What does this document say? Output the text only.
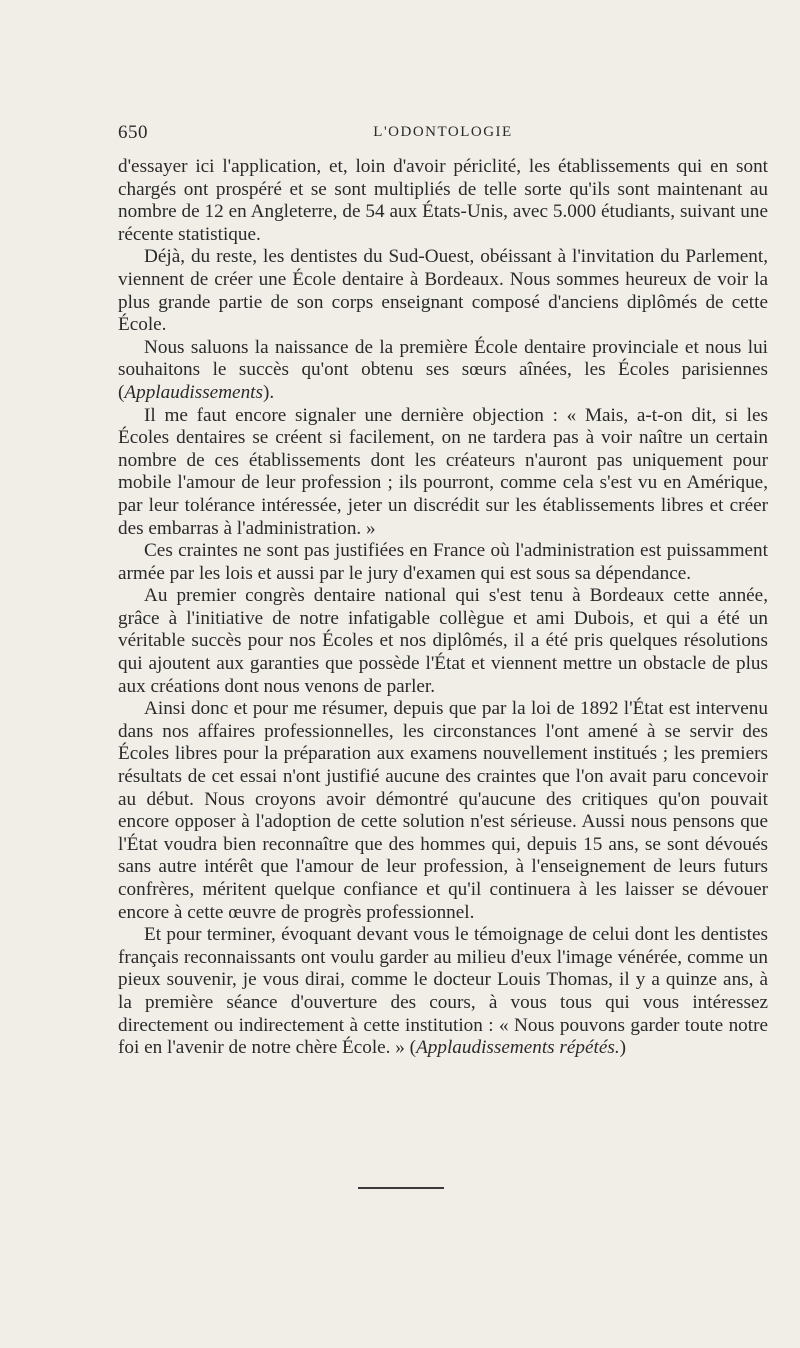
650	L'ODONTOLOGIE

d'essayer ici l'application, et, loin d'avoir périclité, les établissements qui en sont chargés ont prospéré et se sont multipliés de telle sorte qu'ils sont maintenant au nombre de 12 en Angleterre, de 54 aux États-Unis, avec 5.000 étudiants, suivant une récente statistique.

Déjà, du reste, les dentistes du Sud-Ouest, obéissant à l'invitation du Parlement, viennent de créer une École dentaire à Bordeaux. Nous sommes heureux de voir la plus grande partie de son corps enseignant composé d'anciens diplômés de cette École.

Nous saluons la naissance de la première École dentaire provinciale et nous lui souhaitons le succès qu'ont obtenu ses sœurs aînées, les Écoles parisiennes (Applaudissements).

Il me faut encore signaler une dernière objection : « Mais, a-t-on dit, si les Écoles dentaires se créent si facilement, on ne tardera pas à voir naître un certain nombre de ces établissements dont les créateurs n'auront pas uniquement pour mobile l'amour de leur profession ; ils pourront, comme cela s'est vu en Amérique, par leur tolérance intéressée, jeter un discrédit sur les établissements libres et créer des embarras à l'administration. »

Ces craintes ne sont pas justifiées en France où l'administration est puissamment armée par les lois et aussi par le jury d'examen qui est sous sa dépendance.

Au premier congrès dentaire national qui s'est tenu à Bordeaux cette année, grâce à l'initiative de notre infatigable collègue et ami Dubois, et qui a été un véritable succès pour nos Écoles et nos diplômés, il a été pris quelques résolutions qui ajoutent aux garanties que possède l'État et viennent mettre un obstacle de plus aux créations dont nous venons de parler.

Ainsi donc et pour me résumer, depuis que par la loi de 1892 l'État est intervenu dans nos affaires professionnelles, les circonstances l'ont amené à se servir des Écoles libres pour la préparation aux examens nouvellement institués ; les premiers résultats de cet essai n'ont justifié aucune des craintes que l'on avait paru concevoir au début. Nous croyons avoir démontré qu'aucune des critiques qu'on pouvait encore opposer à l'adoption de cette solution n'est sérieuse. Aussi nous pensons que l'État voudra bien reconnaître que des hommes qui, depuis 15 ans, se sont dévoués sans autre intérêt que l'amour de leur profession, à l'enseignement de leurs futurs confrères, méritent quelque confiance et qu'il continuera à les laisser se dévouer encore à cette œuvre de progrès professionnel.

Et pour terminer, évoquant devant vous le témoignage de celui dont les dentistes français reconnaissants ont voulu garder au milieu d'eux l'image vénérée, comme un pieux souvenir, je vous dirai, comme le docteur Louis Thomas, il y a quinze ans, à la première séance d'ouverture des cours, à vous tous qui vous intéressez directement ou indirectement à cette institution : « Nous pouvons garder toute notre foi en l'avenir de notre chère École. » (Applaudissements répétés.)
